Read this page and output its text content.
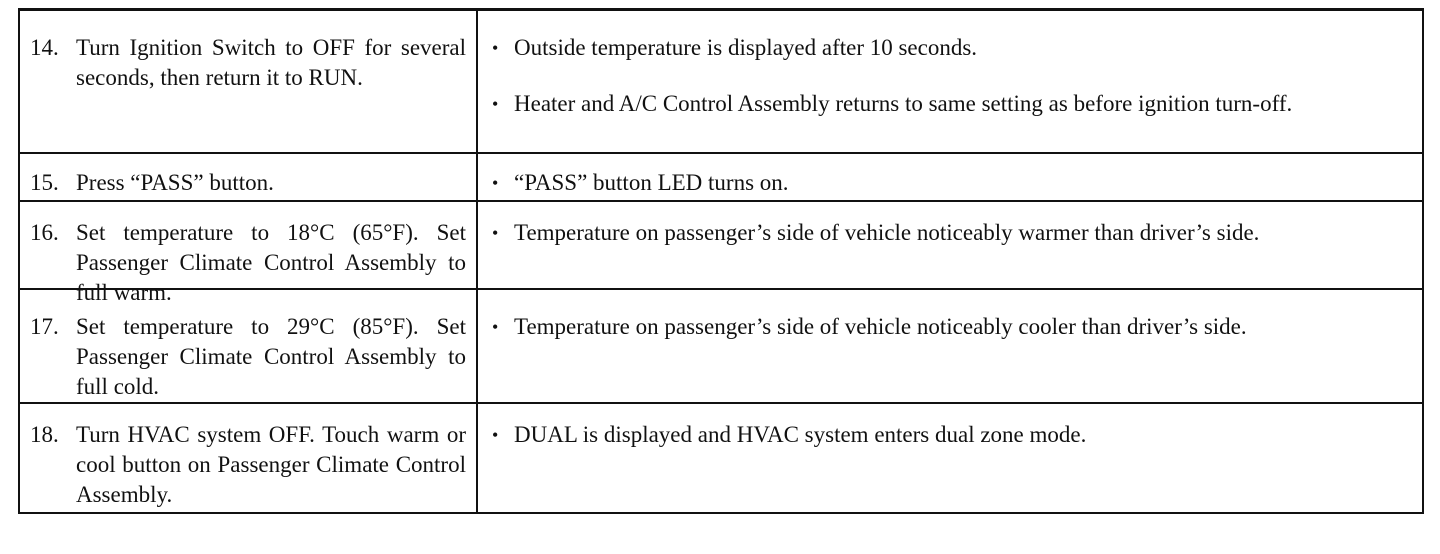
14. Turn Ignition Switch to OFF for several seconds, then return it to RUN.
• Outside temperature is displayed after 10 seconds.
• Heater and A/C Control Assembly returns to same setting as before ignition turn-off.
15. Press “PASS” button.	• “PASS” button LED turns on.
16. Set temperature to 18°C (65°F). Set Passenger Climate Control Assembly to full warm.
• Temperature on passenger’s side of vehicle noticeably warmer than driver’s side.
17. Set temperature to 29°C (85°F). Set Passenger Climate Control Assembly to full cold.
• Temperature on passenger’s side of vehicle noticeably cooler than driver’s side.
18. Turn HVAC system OFF. Touch warm or cool button on Passenger Climate Control Assembly.
• DUAL is displayed and HVAC system enters dual zone mode.
